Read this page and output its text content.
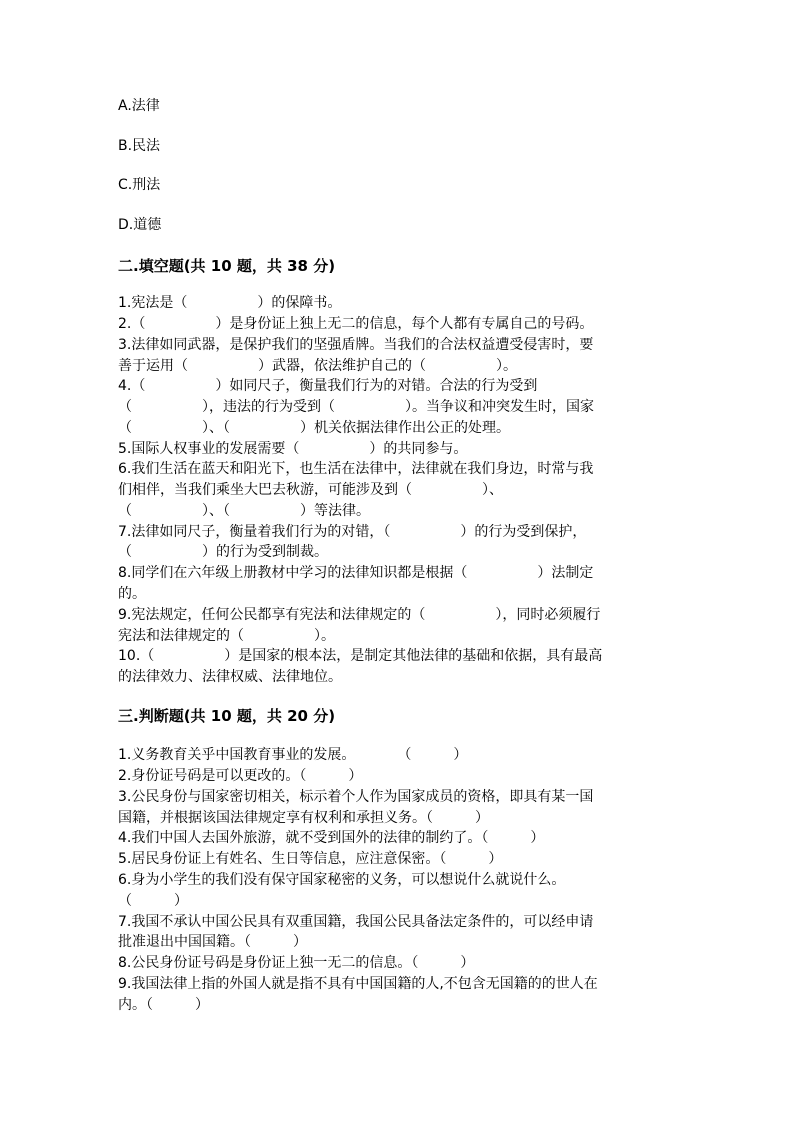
A.法律
B.民法
C.刑法
D.道德
二.填空题(共 10 题，共 38 分)
1.宪法是（　　　　　）的保障书。
2.（　　　　　）是身份证上独上无二的信息，每个人都有专属自己的号码。
3.法律如同武器，是保护我们的坚强盾牌。当我们的合法权益遭受侵害时，要
善于运用（　　　　　）武器，依法维护自己的（　　　　　）。
4.（　　　　　）如同尺子，衡量我们行为的对错。合法的行为受到
（　　　　　），违法的行为受到（　　　　　）。当争议和冲突发生时，国家
（　　　　　）、（　　　　　）机关依据法律作出公正的处理。
5.国际人权事业的发展需要（　　　　　）的共同参与。
6.我们生活在蓝天和阳光下，也生活在法律中，法律就在我们身边，时常与我
们相伴，当我们乘坐大巴去秋游，可能涉及到（　　　　　）、
（　　　　　）、（　　　　　）等法律。
7.法律如同尺子，衡量着我们行为的对错，（　　　　　）的行为受到保护，
（　　　　　）的行为受到制裁。
8.同学们在六年级上册教材中学习的法律知识都是根据（　　　　　）法制定
的。
9.宪法规定，任何公民都享有宪法和法律规定的（　　　　　），同时必须履行
宪法和法律规定的（　　　　　）。
10.（　　　　　）是国家的根本法，是制定其他法律的基础和依据，具有最高
的法律效力、法律权威、法律地位。
三.判断题(共 10 题，共 20 分)
1.义务教育关乎中国教育事业的发展。　　　　（　　　）
2.身份证号码是可以更改的。（　　　）
3.公民身份与国家密切相关，标示着个人作为国家成员的资格，即具有某一国
国籍，并根据该国法律规定享有权利和承担义务。（　　　）
4.我们中国人去国外旅游，就不受到国外的法律的制约了。（　　　）
5.居民身份证上有姓名、生日等信息，应注意保密。（　　　）
6.身为小学生的我们没有保守国家秘密的义务，可以想说什么就说什么。
（　　　）
7.我国不承认中国公民具有双重国籍，我国公民具备法定条件的，可以经申请
批准退出中国国籍。（　　　）
8.公民身份证号码是身份证上独一无二的信息。（　　　）
9.我国法律上指的外国人就是指不具有中国国籍的人,不包含无国籍的的世人在
内。（　　　）
